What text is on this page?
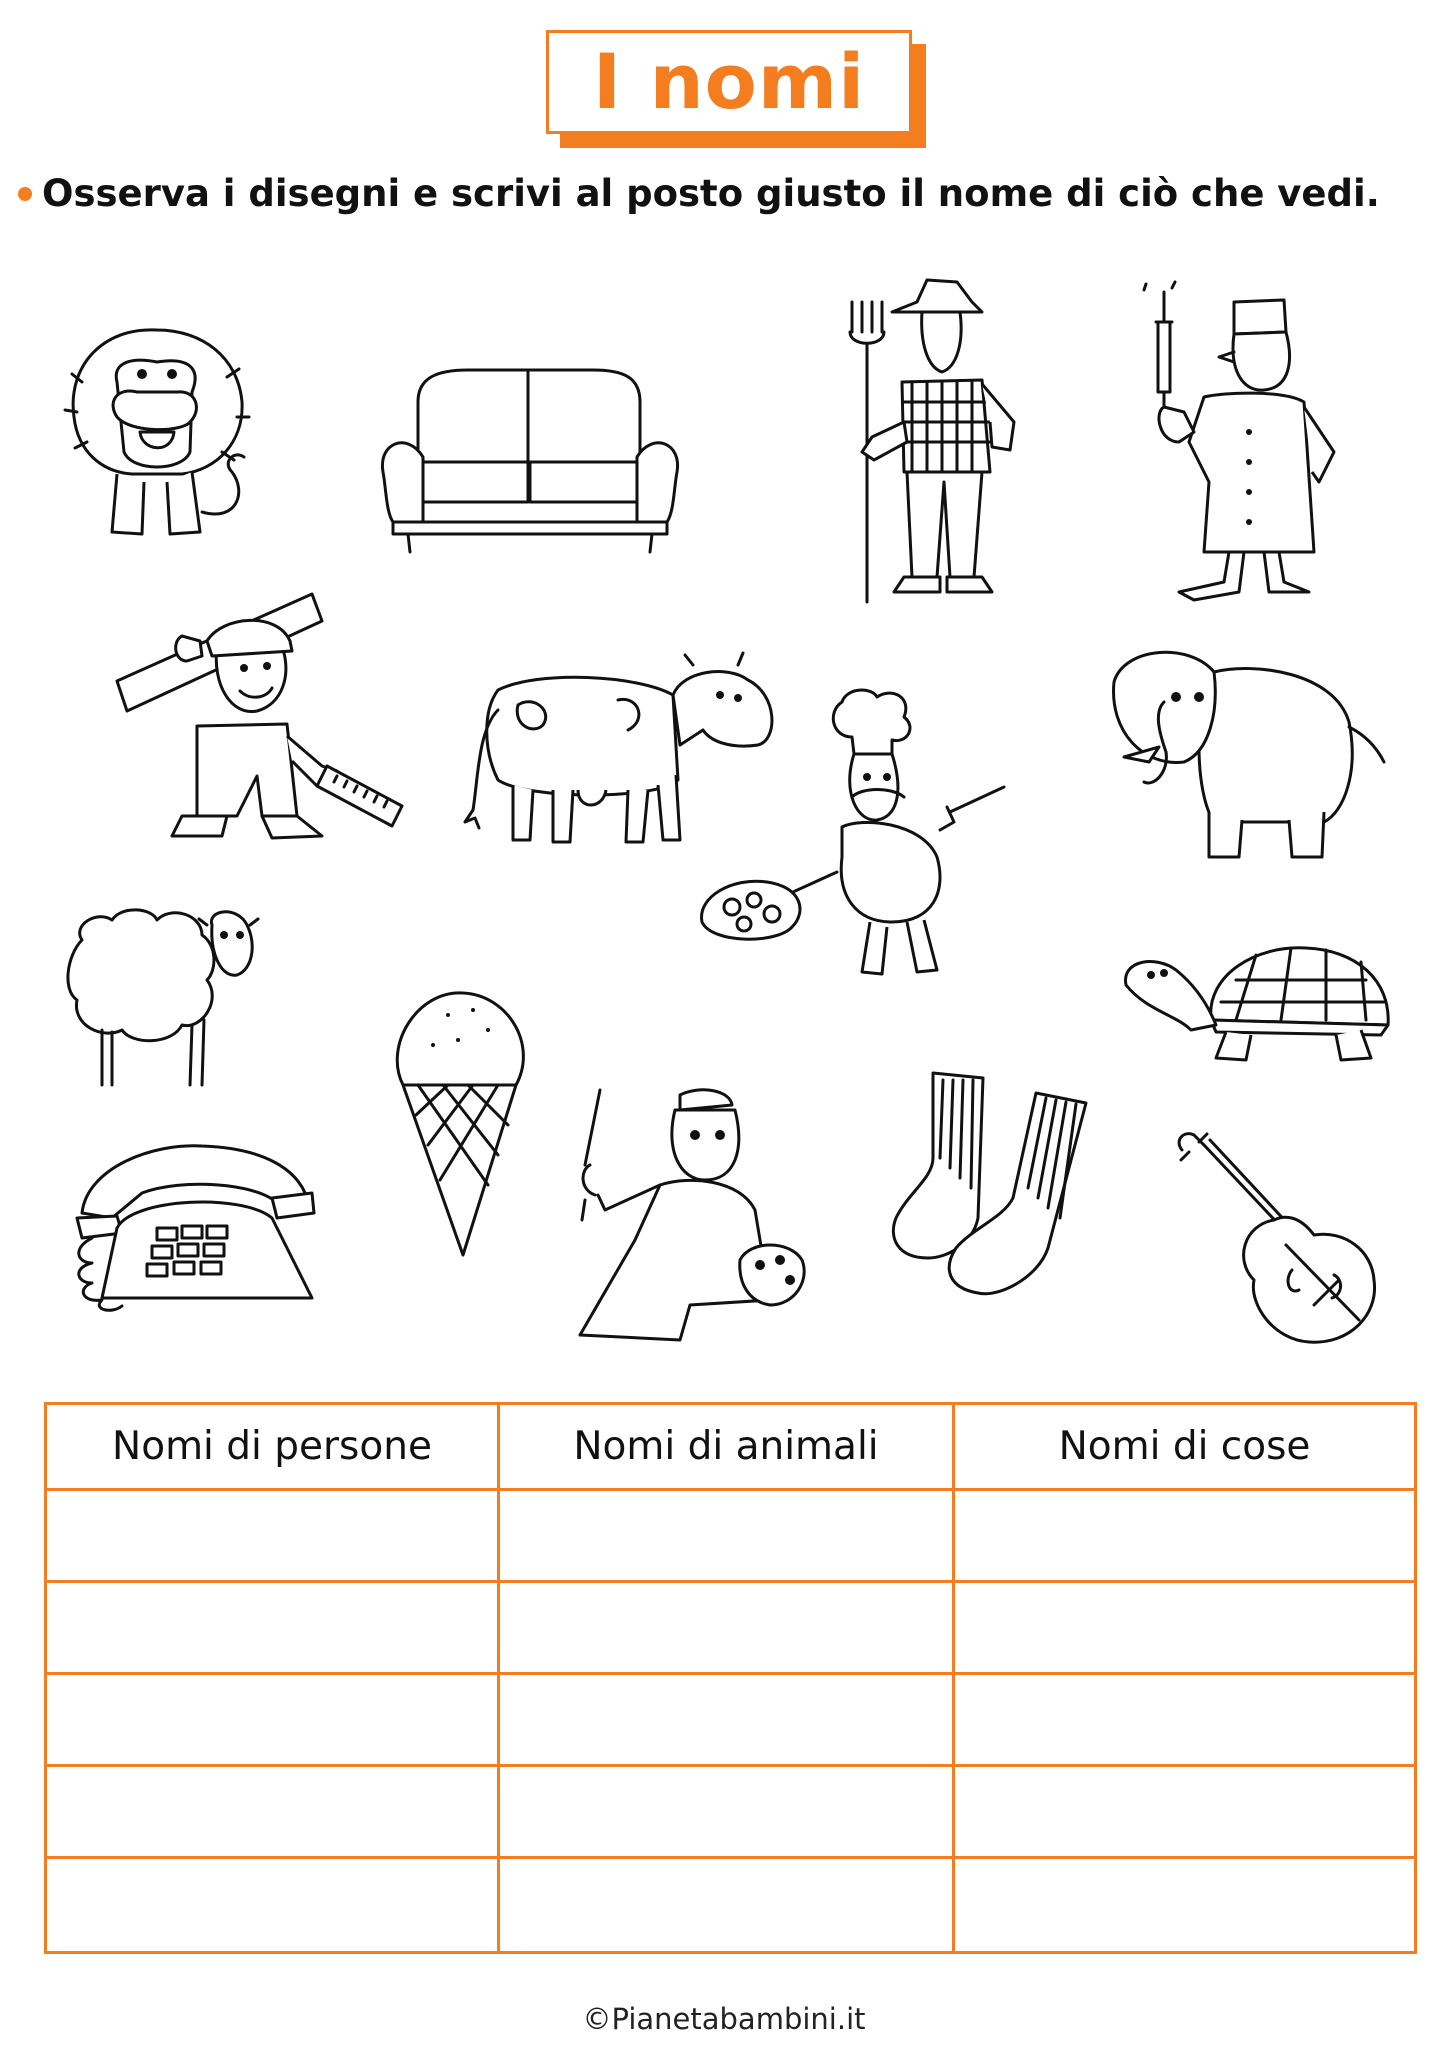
I nomi
Osserva i disegni e scrivi al posto giusto il nome di ciò che vedi.
Nomi di persone	Nomi di animali	Nomi di cose
©Pianetabambini.it
